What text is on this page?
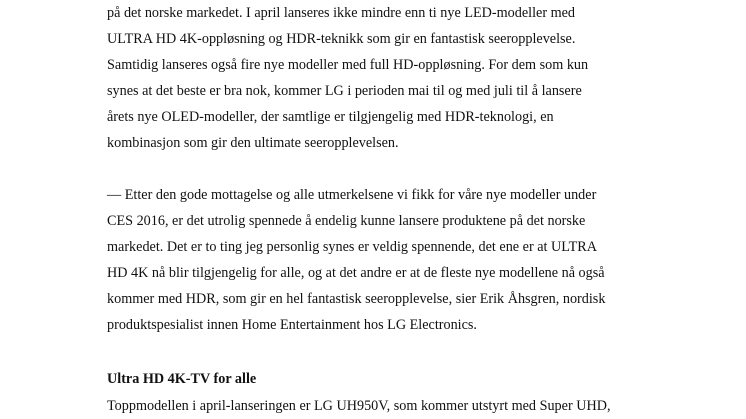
på det norske markedet. I april lanseres ikke mindre enn ti nye LED-modeller med
ULTRA HD 4K-oppløsning og HDR-teknikk som gir en fantastisk seeropplevelse.
Samtidig lanseres også fire nye modeller med full HD-oppløsning. For dem som kun
synes at det beste er bra nok, kommer LG i perioden mai til og med juli til å lansere
årets nye OLED-modeller, der samtlige er tilgjengelig med HDR-teknologi, en
kombinasjon som gir den ultimate seeropplevelsen.
— Etter den gode mottagelse og alle utmerkelsene vi fikk for våre nye modeller under
CES 2016, er det utrolig spennede å endelig kunne lansere produktene på det norske
markedet. Det er to ting jeg personlig synes er veldig spennende, det ene er at ULTRA
HD 4K nå blir tilgjengelig for alle, og at det andre er at de fleste nye modellene nå også
kommer med HDR, som gir en hel fantastisk seeropplevelse, sier Erik Åhsgren, nordisk
produktspesialist innen Home Entertainment hos LG Electronics.
Ultra HD 4K-TV for alle
Toppmodellen i april-lanseringen er LG UH950V, som kommer utstyrt med Super UHD,
